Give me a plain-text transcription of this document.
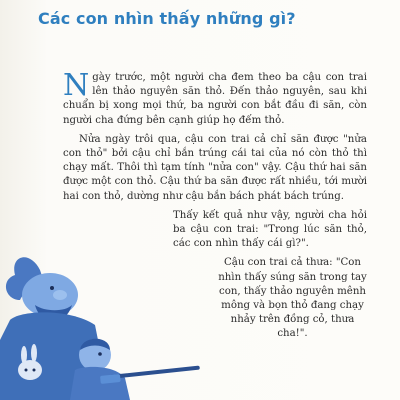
Các con nhìn thấy những gì?

Ngày trước, một người cha đem theo ba cậu con trai lên thảo nguyên săn thỏ. Đến thảo nguyên, sau khi chuẩn bị xong mọi thứ, ba người con bắt đầu đi săn, còn người cha đứng bên cạnh giúp họ đếm thỏ.

Nửa ngày trôi qua, cậu con trai cả chỉ săn được "nửa con thỏ" bởi cậu chỉ bắn trúng cái tai của nó còn thỏ thì chạy mất. Thôi thì tạm tính "nửa con" vậy. Cậu thứ hai săn được một con thỏ. Cậu thứ ba săn được rất nhiều, tới mười hai con thỏ, dường như cậu bắn bách phát bách trúng.

Thấy kết quả như vậy, người cha hỏi ba cậu con trai: "Trong lúc săn thỏ, các con nhìn thấy cái gì?".

Cậu con trai cả thưa: "Con nhìn thấy súng săn trong tay con, thấy thảo nguyên mênh mông và bọn thỏ đang chạy nhảy trên đồng cỏ, thưa cha!".
